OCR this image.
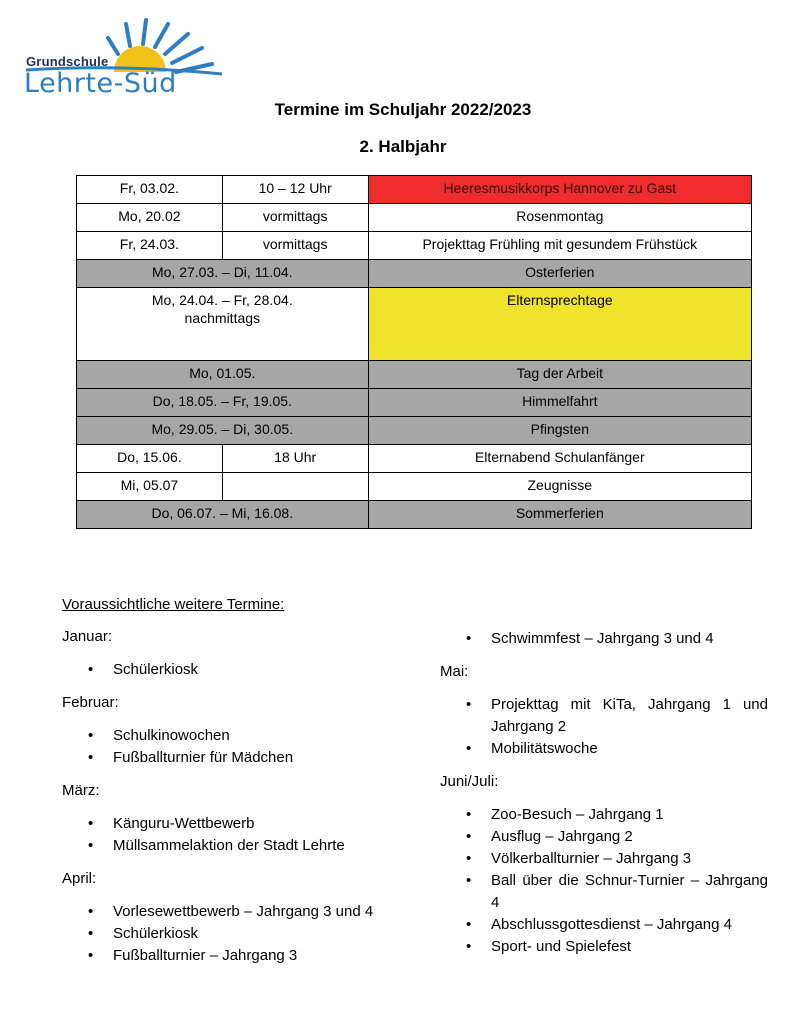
Grundschule
Lehrte-Süd
Termine im Schuljahr 2022/2023
2. Halbjahr
Fr, 03.02.	10 – 12 Uhr	Heeresmusikkorps Hannover zu Gast
Mo, 20.02	vormittags	Rosenmontag
Fr, 24.03.	vormittags	Projekttag Frühling mit gesundem Frühstück
Mo, 27.03. – Di, 11.04.		Osterferien

Mo, 24.04. – Fr, 28.04.
nachmittags		Elternsprechtage
Mo, 01.05.		Tag der Arbeit
Do, 18.05. – Fr, 19.05.		Himmelfahrt
Mo, 29.05. – Di, 30.05.		Pfingsten
Do, 15.06.	18 Uhr	Elternabend Schulanfänger
Mi, 05.07		Zeugnisse
Do, 06.07. – Mi, 16.08.		Sommerferien
Voraussichtliche weitere Termine:

Januar:

• Schülerkiosk

Februar:

• Schulkinowochen
• Fußballturnier für Mädchen

März:

• Känguru-Wettbewerb
• Müllsammelaktion der Stadt Lehrte

April:

• Vorlesewettbewerb – Jahrgang 3 und 4
• Schülerkiosk
• Fußballturnier – Jahrgang 3
• Schwimmfest – Jahrgang 3 und 4

Mai:

• Projekttag mit KiTa, Jahrgang 1 und Jahrgang 2
• Mobilitätswoche

Juni/Juli:

• Zoo-Besuch – Jahrgang 1
• Ausflug – Jahrgang 2
• Völkerballturnier – Jahrgang 3
• Ball über die Schnur-Turnier – Jahrgang 4
• Abschlussgottesdienst – Jahrgang 4
• Sport- und Spielefest
